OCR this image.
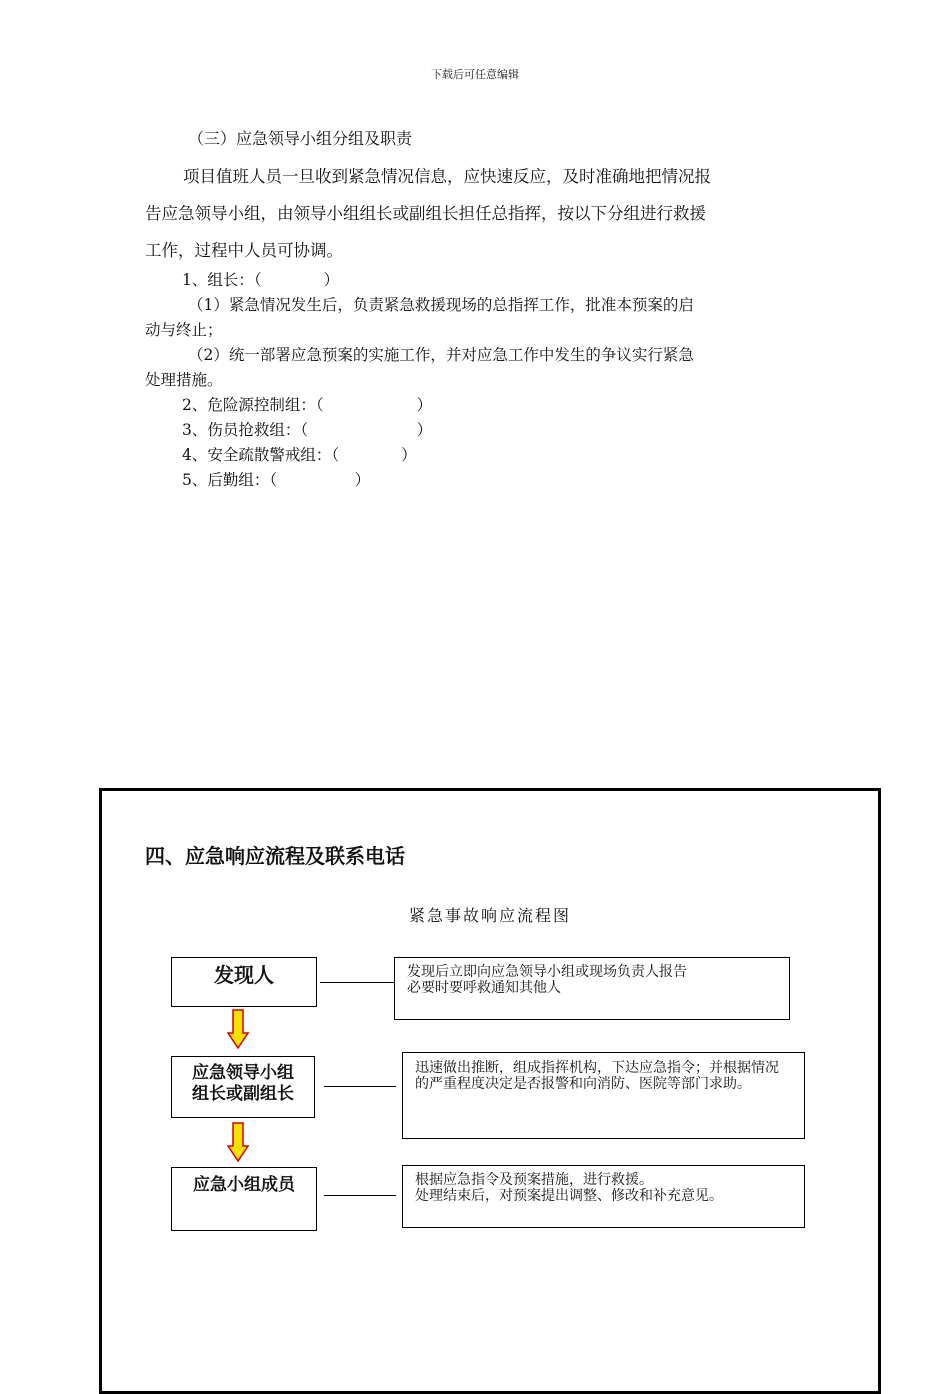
下载后可任意编辑
（三）应急领导小组分组及职责
项目值班人员一旦收到紧急情况信息，应快速反应，及时准确地把情况报
告应急领导小组，由领导小组组长或副组长担任总指挥，按以下分组进行救援
工作，过程中人员可协调。
1、组长：（　　　　）
（1）紧急情况发生后，负责紧急救援现场的总指挥工作，批准本预案的启
动与终止；
（2）统一部署应急预案的实施工作，并对应急工作中发生的争议实行紧急
处理措施。
2、危险源控制组：（　　　　　　）
3、伤员抢救组：（　　　　　　　）
4、安全疏散警戒组：（　　　　）
5、后勤组：（　　　　　）
四、应急响应流程及联系电话
紧急事故响应流程图
发现人	发现后立即向应急领导小组或现场负责人报告
必要时要呼救通知其他人
应急领导小组
组长或副组长
迅速做出推断，组成指挥机构，下达应急指令；并根据情况的严重程度决定是否报警和向消防、医院等部门求助。
应急小组成员	根据应急指令及预案措施，进行救援。
处理结束后，对预案提出调整、修改和补充意见。
